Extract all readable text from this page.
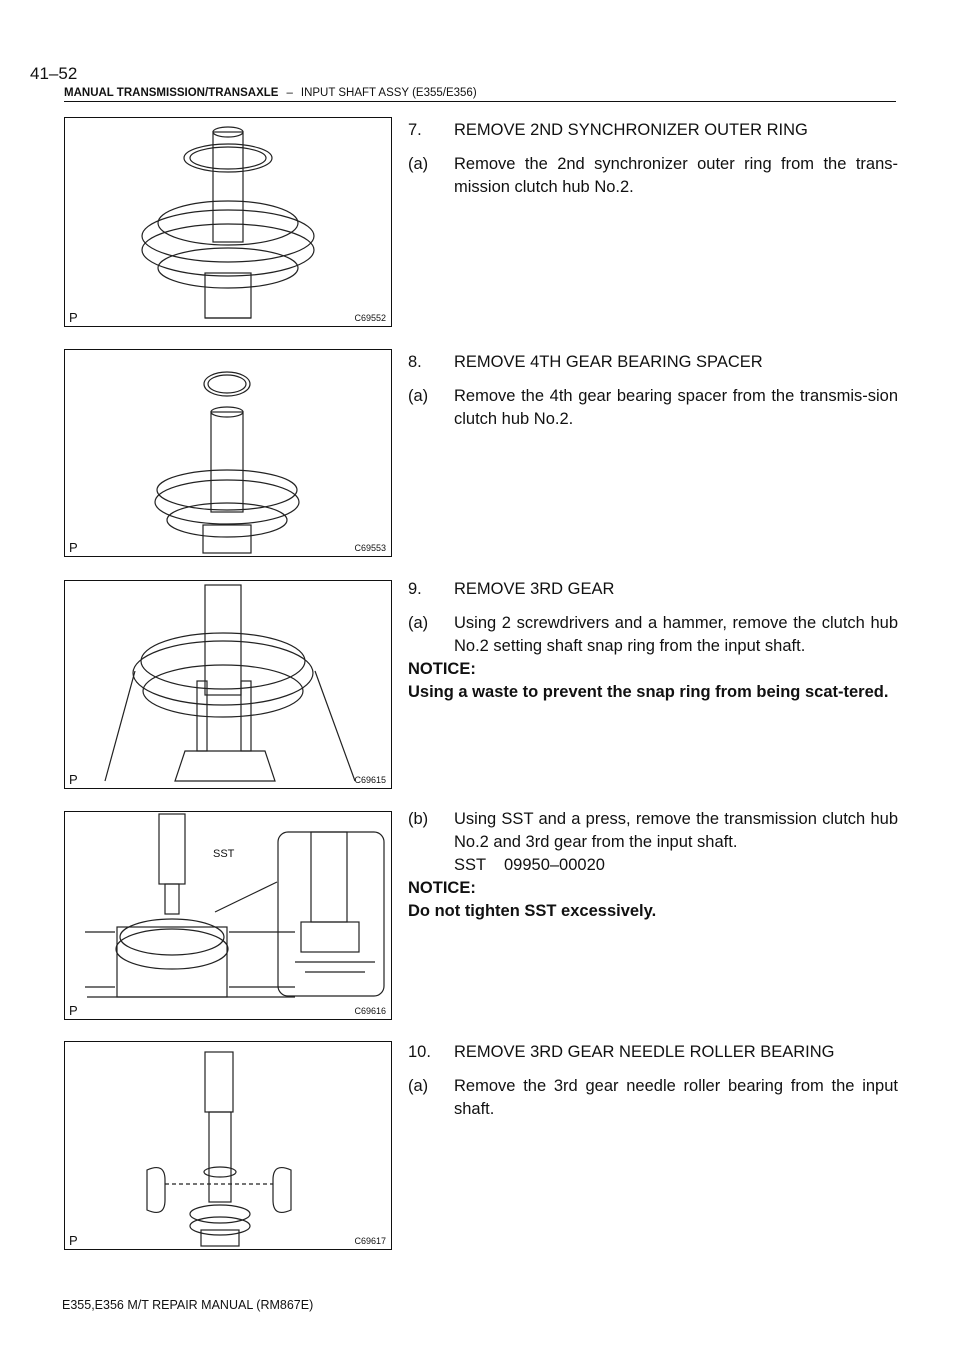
41–52
MANUAL TRANSMISSION/TRANSAXLE – INPUT SHAFT ASSY (E355/E356)
P	C69552
P	C69553
P	C69615
SST
P	C69616
P	C69617
7. REMOVE 2ND SYNCHRONIZER OUTER RING
(a) Remove the 2nd synchronizer outer ring from the trans-mission clutch hub No.2.
8. REMOVE 4TH GEAR BEARING SPACER
(a) Remove the 4th gear bearing spacer from the transmis-sion clutch hub No.2.
9. REMOVE 3RD GEAR
(a) Using 2 screwdrivers and a hammer, remove the clutch hub No.2 setting shaft snap ring from the input shaft.
NOTICE:
Using a waste to prevent the snap ring from being scat-tered.
(b) Using SST and a press, remove the transmission clutch hub No.2 and 3rd gear from the input shaft.
SST 09950–00020
NOTICE:
Do not tighten SST excessively.
10. REMOVE 3RD GEAR NEEDLE ROLLER BEARING
(a) Remove the 3rd gear needle roller bearing from the input shaft.
E355,E356 M/T REPAIR MANUAL (RM867E)
